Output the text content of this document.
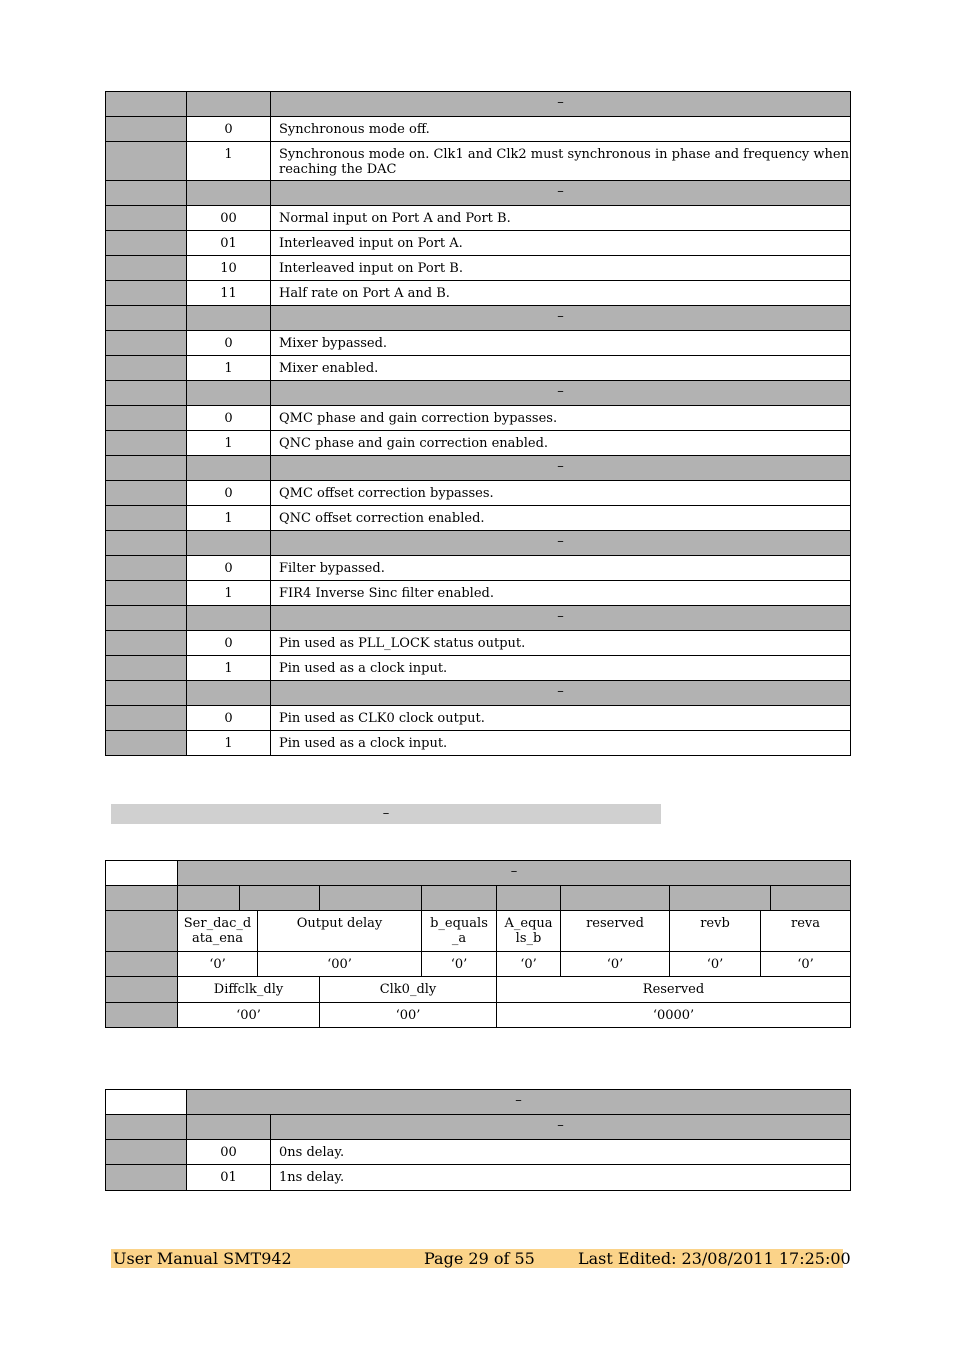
		–

	0	Synchronous mode off.
	1	Synchronous mode on. Clk1 and Clk2 must synchronous in phase and frequency when reaching the DAC

		–

	00	Normal input on Port A and Port B.
	01	Interleaved input on Port A.
	10	Interleaved input on Port B.
	11	Half rate on Port A and B.

		–

	0	Mixer bypassed.
	1	Mixer enabled.

		–

	0	QMC phase and gain correction bypasses.
	1	QNC phase and gain correction enabled.

		–

	0	QMC offset correction bypasses.
	1	QNC offset correction enabled.

		–

	0	Filter bypassed.
	1	FIR4 Inverse Sinc filter enabled.

		–

	0	Pin used as PLL_LOCK status output.
	1	Pin used as a clock input.

		–

	0	Pin used as CLK0 clock output.
	1	Pin used as a clock input.
–

	–									

	Ser_dac_d ata_ena		Output delay		b_equals _a	A_equa ls_b	reserved	revb	reva	
	‘0’		‘00’		‘0’	‘0’	‘0’	‘0’	‘0’	
	Diffclk_dly			Clk0_dly		Reserved				
	‘00’			‘00’		‘0000’				

	–	

		–

	00	0ns delay.
	01	1ns delay.
User Manual SMT942	Page 29 of 55	Last Edited: 23/08/2011 17:25:00
